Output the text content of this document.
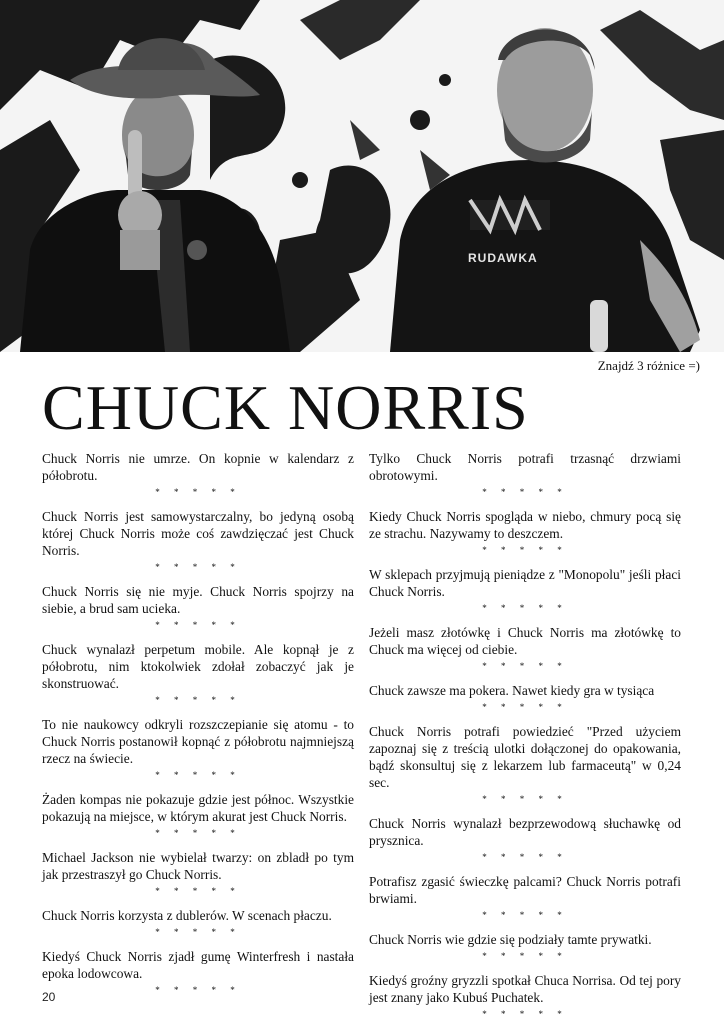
RUDAWKA
Znajdź 3 różnice =)
CHUCK NORRIS

Chuck Norris nie umrze. On kopnie w kalendarz z półobrotu.

* * * * *

Chuck Norris jest samowystarczalny, bo jedyną osobą której Chuck Norris może coś zawdzięczać jest Chuck Norris.

* * * * *

Chuck Norris się nie myje. Chuck Norris spojrzy na siebie, a brud sam ucieka.

* * * * *

Chuck wynalazł perpetum mobile. Ale kopnął je z półobrotu, nim ktokolwiek zdołał zobaczyć jak je skonstruować.

* * * * *

To nie naukowcy odkryli rozszczepianie się atomu - to Chuck Norris postanowił kopnąć z półobrotu najmniejszą rzecz na świecie.

* * * * *

Żaden kompas nie pokazuje gdzie jest północ. Wszystkie pokazują na miejsce, w którym akurat jest Chuck Norris.

* * * * *

Michael Jackson nie wybielał twarzy: on zbladł po tym jak przestraszył go Chuck Norris.

* * * * *

Chuck Norris korzysta z dublerów. W scenach płaczu.

* * * * *

Kiedyś Chuck Norris zjadł gumę Winterfresh i nastała epoka lodowcowa.

* * * * *

Tylko Chuck Norris potrafi trzasnąć drzwiami obrotowymi.

* * * * *

Kiedy Chuck Norris spogląda w niebo, chmury pocą się ze strachu. Nazywamy to deszczem.

* * * * *

W sklepach przyjmują pieniądze z "Monopolu" jeśli płaci Chuck Norris.

* * * * *

Jeżeli masz złotówkę i Chuck Norris ma złotówkę to Chuck ma więcej od ciebie.

* * * * *

Chuck zawsze ma pokera. Nawet kiedy gra w tysiąca

* * * * *

Chuck Norris potrafi powiedzieć "Przed użyciem zapoznaj się z treścią ulotki dołączonej do opakowania, bądź skonsultuj się z lekarzem lub farmaceutą" w 0,24 sec.

* * * * *

Chuck Norris wynalazł bezprzewodową słuchawkę od prysznica.

* * * * *

Potrafisz zgasić świeczkę palcami? Chuck Norris potrafi brwiami.

* * * * *

Chuck Norris wie gdzie się podziały tamte prywatki.

* * * * *

Kiedyś groźny gryzzli spotkał Chuca Norrisa. Od tej pory jest znany jako Kubuś Puchatek.

* * * * *
20
